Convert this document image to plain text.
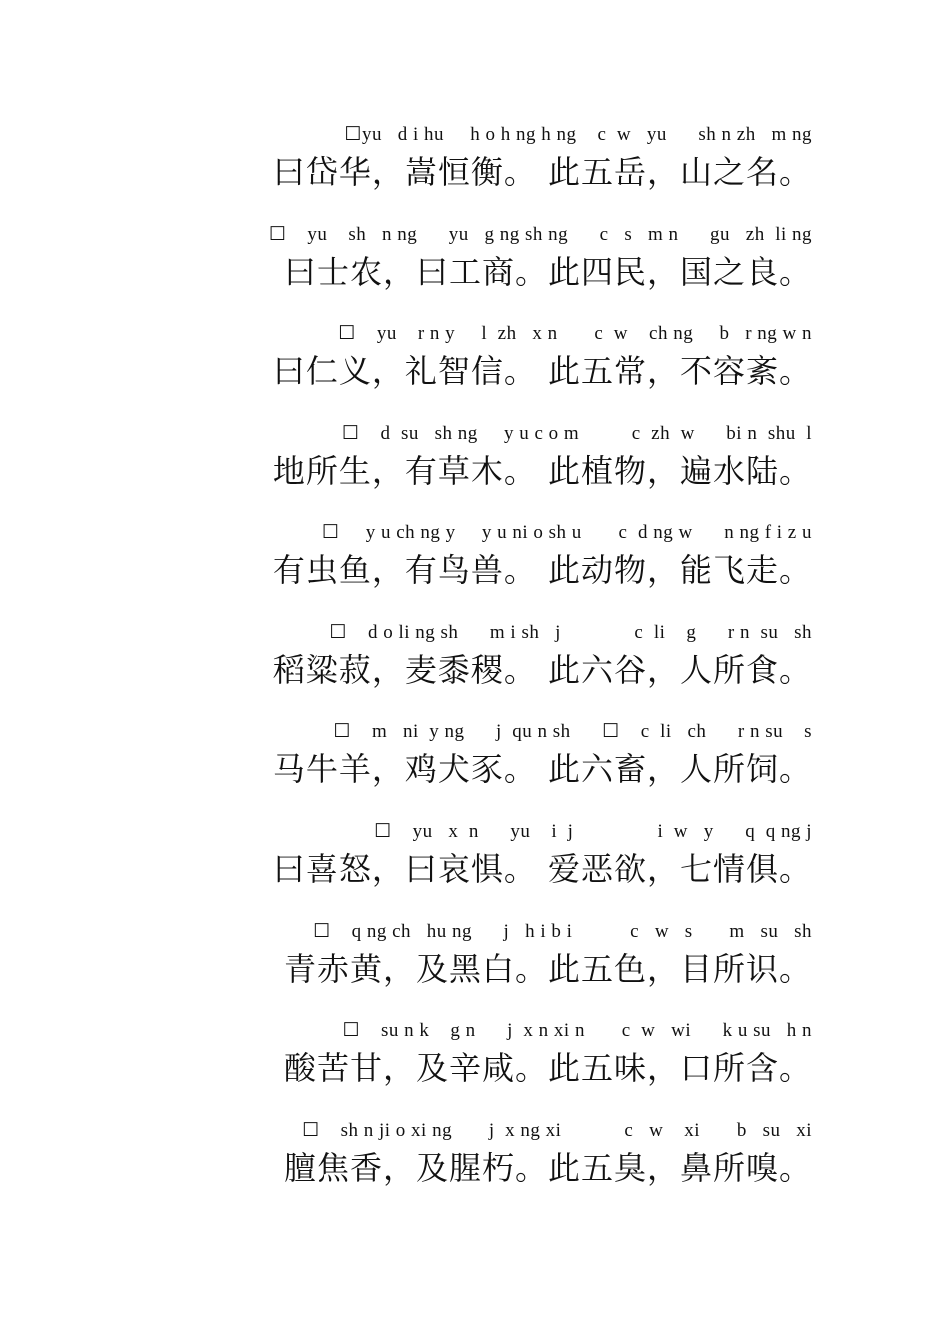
☐yu   d i hu     h o h ng h ng    c  w   yu      sh n zh   m ng
曰岱华，嵩恒衡。 此五岳，山之名。
☐    yu    sh   n ng      yu   g ng sh ng      c   s   m n      gu   zh  li ng
曰士农，曰工商。此四民，国之良。
☐    yu    r n y     l  zh   x n       c  w    ch ng     b   r ng w n
曰仁义，礼智信。 此五常，不容紊。
☐    d  su   sh ng     y u c o m          c  zh  w      bi n  shu  l
地所生，有草木。 此植物，遍水陆。
☐     y u ch ng y     y u ni o sh u       c  d ng w      n ng f i z u
有虫鱼，有鸟兽。 此动物，能飞走。
☐    d o li ng sh      m i sh   j              c  li    g      r n  su   sh
稻粱菽，麦黍稷。 此六谷，人所食。
☐    m   ni  y ng      j  qu n sh      ☐    c  li   ch      r n su    s
马牛羊，鸡犬豕。 此六畜，人所饲。
☐    yu   x  n      yu    i  j                i  w   y      q  q ng j
曰喜怒，曰哀惧。 爱恶欲，七情俱。
☐    q ng ch   hu ng      j   h i b i           c   w   s       m   su   sh
青赤黄，及黑白。此五色，目所识。
☐    su n k    g n      j  x n xi n       c  w   wi      k u su   h n
酸苦甘，及辛咸。此五味，口所含。
☐    sh n ji o xi ng       j  x ng xi            c   w    xi       b   su   xi
膻焦香，及腥朽。此五臭，鼻所嗅。
